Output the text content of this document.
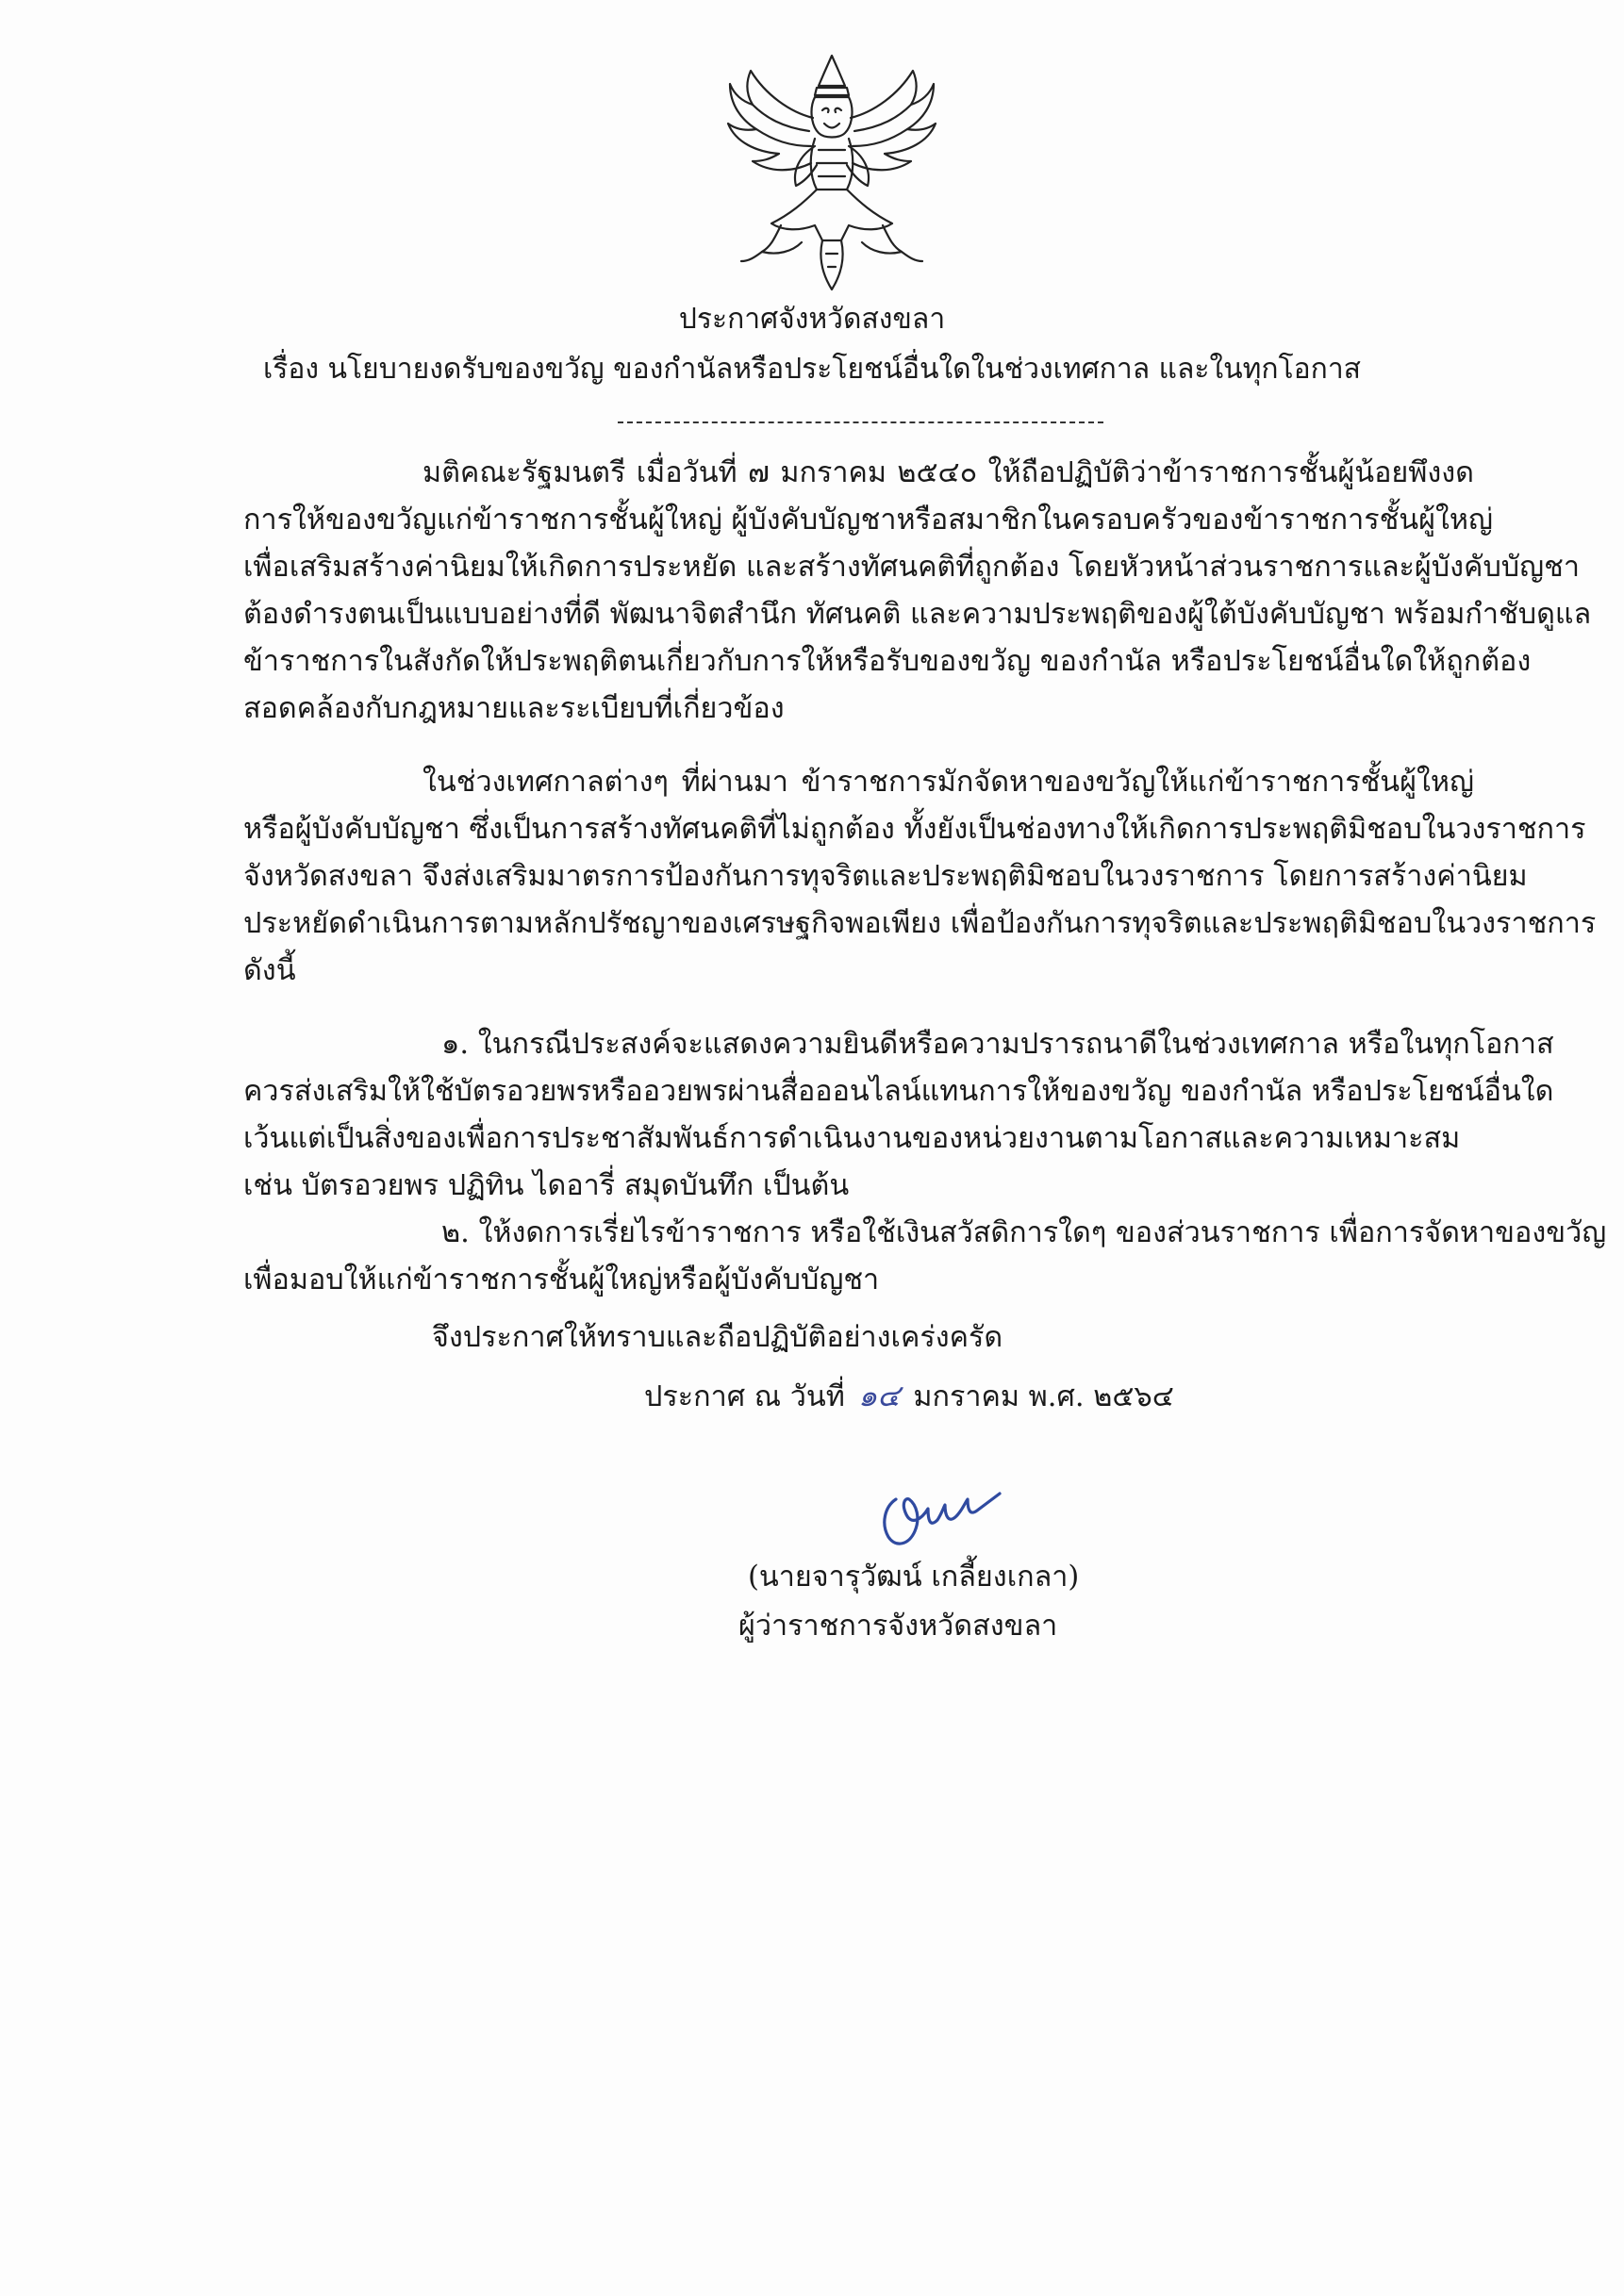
ประกาศจังหวัดสงขลา
เรื่อง นโยบายงดรับของขวัญ ของกำนัลหรือประโยชน์อื่นใดในช่วงเทศกาล และในทุกโอกาส
มติคณะรัฐมนตรี เมื่อวันที่ ๗ มกราคม ๒๕๔๐ ให้ถือปฏิบัติว่าข้าราชการชั้นผู้น้อยพึงงด
การให้ของขวัญแก่ข้าราชการชั้นผู้ใหญ่ ผู้บังคับบัญชาหรือสมาชิกในครอบครัวของข้าราชการชั้นผู้ใหญ่
เพื่อเสริมสร้างค่านิยมให้เกิดการประหยัด และสร้างทัศนคติที่ถูกต้อง โดยหัวหน้าส่วนราชการและผู้บังคับบัญชา
ต้องดำรงตนเป็นแบบอย่างที่ดี พัฒนาจิตสำนึก ทัศนคติ และความประพฤติของผู้ใต้บังคับบัญชา พร้อมกำชับดูแล
ข้าราชการในสังกัดให้ประพฤติตนเกี่ยวกับการให้หรือรับของขวัญ ของกำนัล หรือประโยชน์อื่นใดให้ถูกต้อง
สอดคล้องกับกฎหมายและระเบียบที่เกี่ยวข้อง
ในช่วงเทศกาลต่างๆ ที่ผ่านมา ข้าราชการมักจัดหาของขวัญให้แก่ข้าราชการชั้นผู้ใหญ่
หรือผู้บังคับบัญชา ซึ่งเป็นการสร้างทัศนคติที่ไม่ถูกต้อง ทั้งยังเป็นช่องทางให้เกิดการประพฤติมิชอบในวงราชการ
จังหวัดสงขลา จึงส่งเสริมมาตรการป้องกันการทุจริตและประพฤติมิชอบในวงราชการ โดยการสร้างค่านิยม
ประหยัดดำเนินการตามหลักปรัชญาของเศรษฐกิจพอเพียง เพื่อป้องกันการทุจริตและประพฤติมิชอบในวงราชการ
ดังนี้
๑. ในกรณีประสงค์จะแสดงความยินดีหรือความปรารถนาดีในช่วงเทศกาล หรือในทุกโอกาส
ควรส่งเสริมให้ใช้บัตรอวยพรหรืออวยพรผ่านสื่อออนไลน์แทนการให้ของขวัญ ของกำนัล หรือประโยชน์อื่นใด
เว้นแต่เป็นสิ่งของเพื่อการประชาสัมพันธ์การดำเนินงานของหน่วยงานตามโอกาสและความเหมาะสม
เช่น บัตรอวยพร ปฏิทิน ไดอารี่ สมุดบันทึก เป็นต้น
๒. ให้งดการเรี่ยไรข้าราชการ หรือใช้เงินสวัสดิการใดๆ ของส่วนราชการ เพื่อการจัดหาของขวัญ
เพื่อมอบให้แก่ข้าราชการชั้นผู้ใหญ่หรือผู้บังคับบัญชา
จึงประกาศให้ทราบและถือปฏิบัติอย่างเคร่งครัด
ประกาศ ณ วันที่ ๑๔ มกราคม พ.ศ. ๒๕๖๔
(นายจารุวัฒน์ เกลี้ยงเกลา)
ผู้ว่าราชการจังหวัดสงขลา
